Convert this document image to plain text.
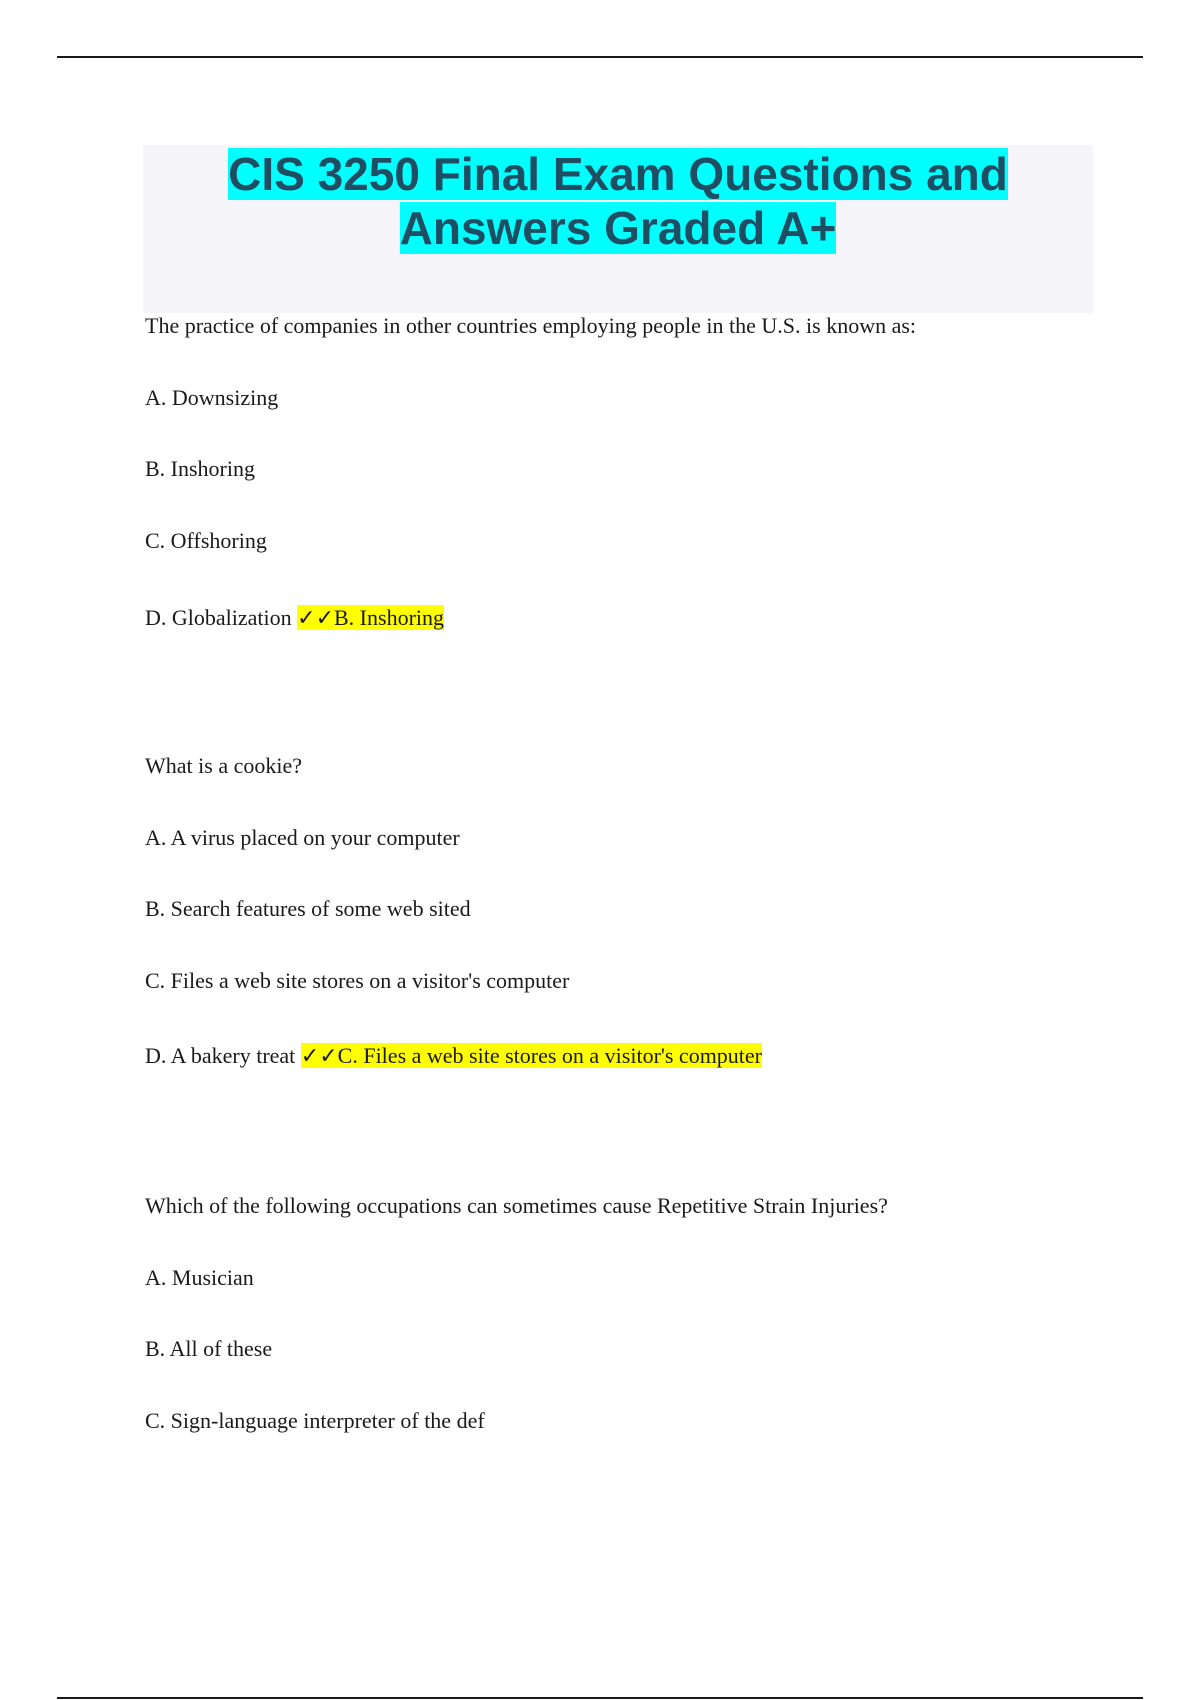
CIS 3250 Final Exam Questions and
Answers Graded A+
The practice of companies in other countries employing people in the U.S. is known as:
A. Downsizing
B. Inshoring
C. Offshoring
D. Globalization ✓✓B. Inshoring
What is a cookie?
A. A virus placed on your computer
B. Search features of some web sited
C. Files a web site stores on a visitor's computer
D. A bakery treat ✓✓C. Files a web site stores on a visitor's computer
Which of the following occupations can sometimes cause Repetitive Strain Injuries?
A. Musician
B. All of these
C. Sign-language interpreter of the def
